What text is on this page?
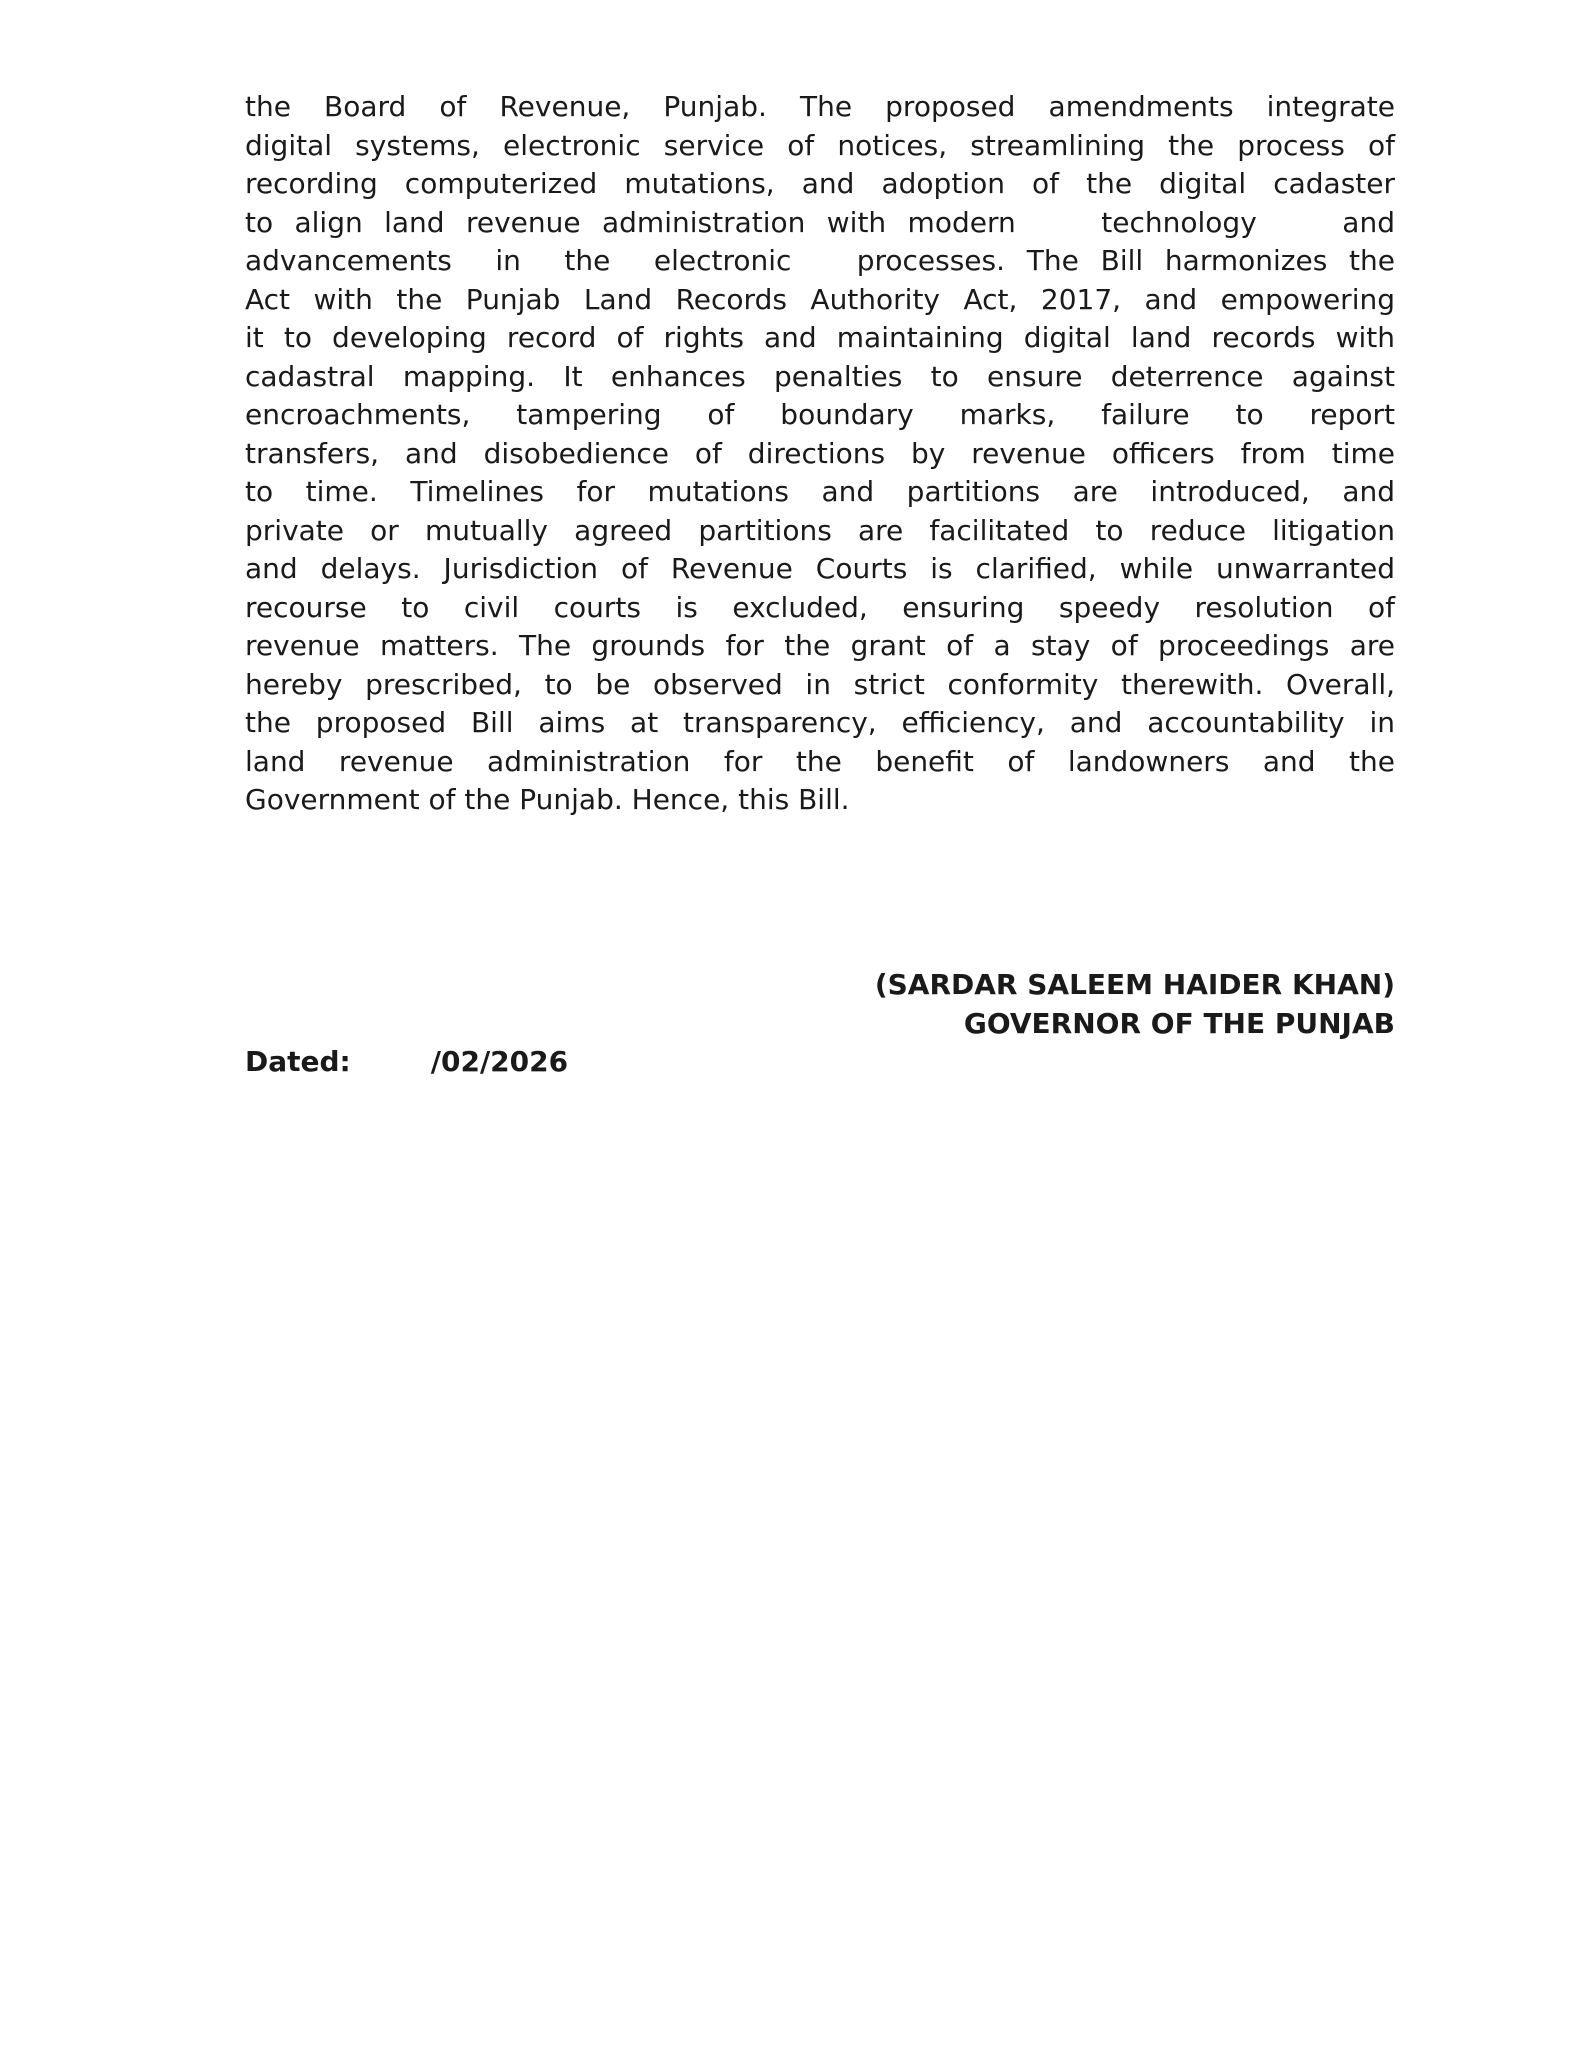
the Board of Revenue, Punjab. The proposed amendments integrate
digital systems, electronic service of notices, streamlining the process of
recording computerized mutations, and adoption of the digital cadaster
to align land revenue administration with modern    technology    and
advancements  in  the  electronic   processes. The Bill harmonizes the
Act with the Punjab Land Records Authority Act, 2017, and empowering
it to developing record of rights and maintaining digital land records with
cadastral mapping. It enhances penalties to ensure deterrence against
encroachments, tampering of boundary marks, failure to report
transfers, and disobedience of directions by revenue officers from time
to time. Timelines for mutations and partitions are introduced, and
private or mutually agreed partitions are facilitated to reduce litigation
and delays. Jurisdiction of Revenue Courts is clarified, while unwarranted
recourse to civil courts is excluded, ensuring speedy resolution of
revenue matters. The grounds for the grant of a stay of proceedings are
hereby prescribed, to be observed in strict conformity therewith. Overall,
the proposed Bill aims at transparency, efficiency, and accountability in
land revenue administration for the benefit of landowners and the
Government of the Punjab. Hence, this Bill.
(SARDAR SALEEM HAIDER KHAN)
GOVERNOR OF THE PUNJAB
Dated:	/02/2026
